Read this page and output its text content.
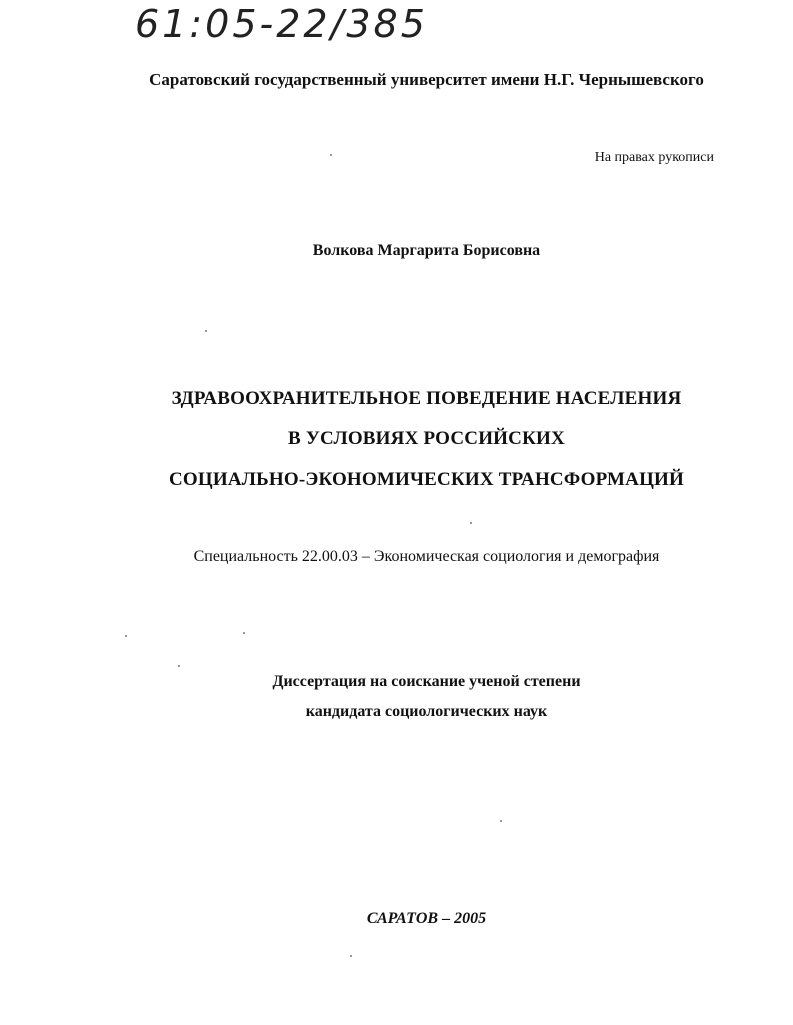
61:05-22/385
Саратовский государственный университет имени Н.Г. Чернышевского
На правах рукописи
Волкова Маргарита Борисовна
ЗДРАВООХРАНИТЕЛЬНОЕ ПОВЕДЕНИЕ НАСЕЛЕНИЯ
В УСЛОВИЯХ РОССИЙСКИХ
СОЦИАЛЬНО-ЭКОНОМИЧЕСКИХ ТРАНСФОРМАЦИЙ
Специальность 22.00.03 – Экономическая социология и демография
Диссертация на соискание ученой степени
кандидата социологических наук
САРАТОВ – 2005
